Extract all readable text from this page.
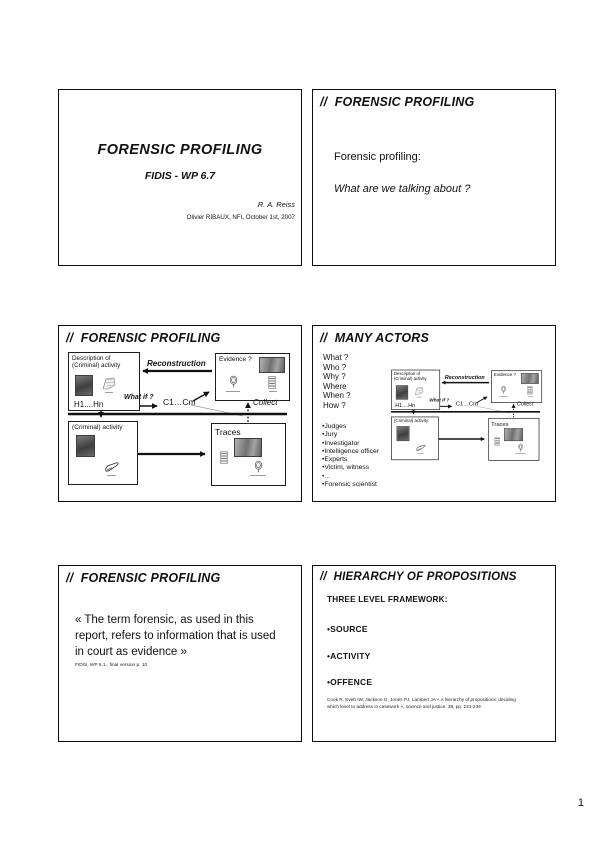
FORENSIC PROFILING
FIDIS - WP 6.7
R. A. Reiss
Olivier RIBAUX, NFI, October 1st, 2007
//  FORENSIC PROFILING
Forensic profiling:
What are we talking about ?
//  FORENSIC PROFILING
Description of (Criminal) activity
H1....Hn
Evidence ?
(Criminal) activity	Traces
Reconstruction
What if ? C1…Cm	Collect
//  MANY ACTORS
What ?
Who ?
Why ?
Where
When ?
How ?
•Judges
•Jury
•Investigator
•Intelligence officer
•Experts
•Victim, witness
•...
•Forensic scientist
Description of (Criminal) activity
H1....Hn
Evidence ?
(Criminal) activity	Traces
Reconstruction
What if ? C1…Cm	Collect
//  FORENSIC PROFILING
« The term forensic, as used in this report, refers to information that is used in court as evidence »
FIDIS, WP 6.1., final version p. 10
//  HIERARCHY OF PROPOSITIONS
THREE LEVEL FRAMEWORK:
•SOURCE
•ACTIVITY
•OFFENCE
Cook R, Evett IW, Jackson G, Jones PJ, Lambert JA « A hierarchy of propositions: deciding which level to address in casework », science and justice, 38, pp. 231-239
1
